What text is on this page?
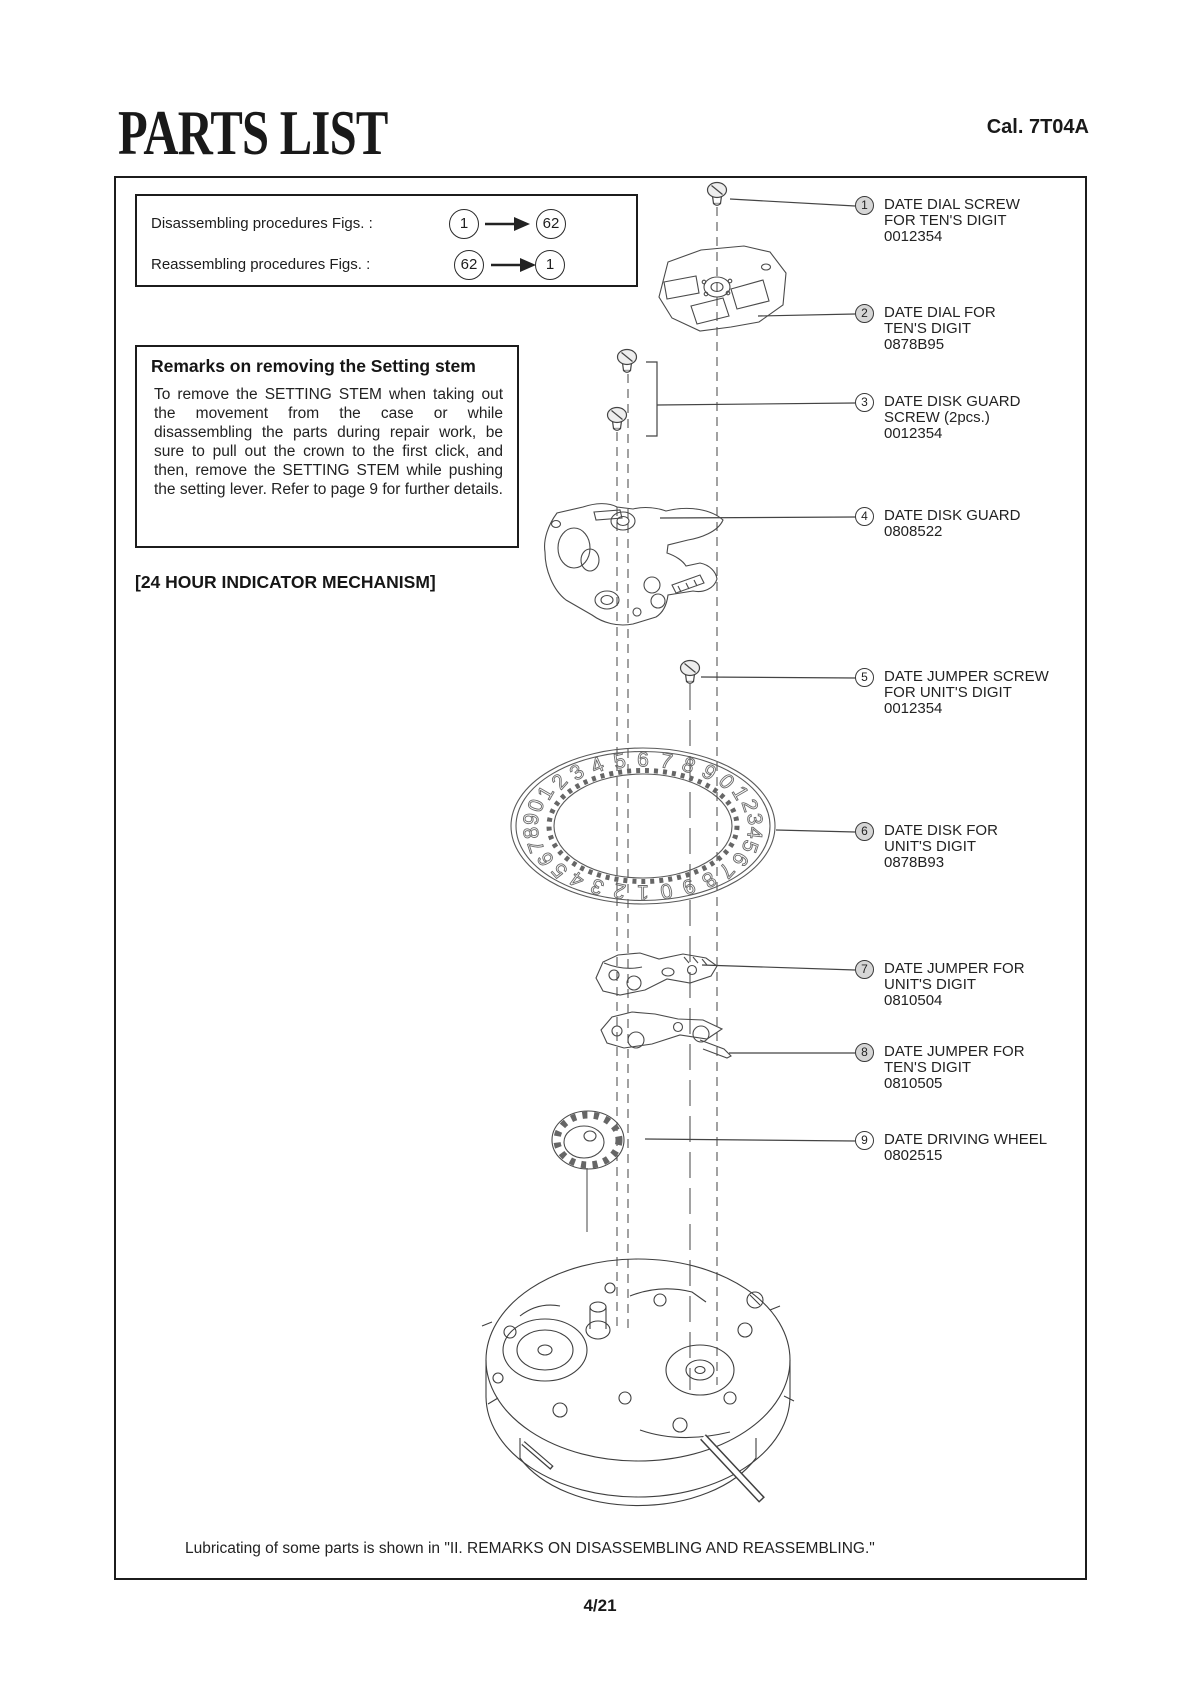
PARTS LIST	Cal. 7T04A
Disassembling procedures Figs. :	1	62
Reassembling procedures Figs. :	62	1
Remarks on removing the Setting stem
To remove the SETTING STEM when taking out the movement from the case or while disassembling the parts during repair work, be sure to pull out the crown to the first click, and then, remove the SETTING STEM while pushing the setting lever. Refer to page 9 for further details.
[24 HOUR INDICATOR MECHANISM]
1
2
3
4 5 6 7 8
9
0
1
2
3
4
5
6
7
8
9
0
1
2
3
4
5
6
7
8
9
0
1	DATE DIAL SCREW
FOR TEN'S DIGIT
0012354
2	DATE DIAL FOR
TEN'S DIGIT
0878B95
3	DATE DISK GUARD
SCREW (2pcs.)
0012354
4	DATE DISK GUARD
0808522
5	DATE JUMPER SCREW
FOR UNIT'S DIGIT
0012354
6	DATE DISK FOR
UNIT'S DIGIT
0878B93
7	DATE JUMPER FOR
UNIT'S DIGIT
0810504
8	DATE JUMPER FOR
TEN'S DIGIT
0810505
9	DATE DRIVING WHEEL
0802515
Lubricating of some parts is shown in "II. REMARKS ON DISASSEMBLING AND REASSEMBLING."
4/21
